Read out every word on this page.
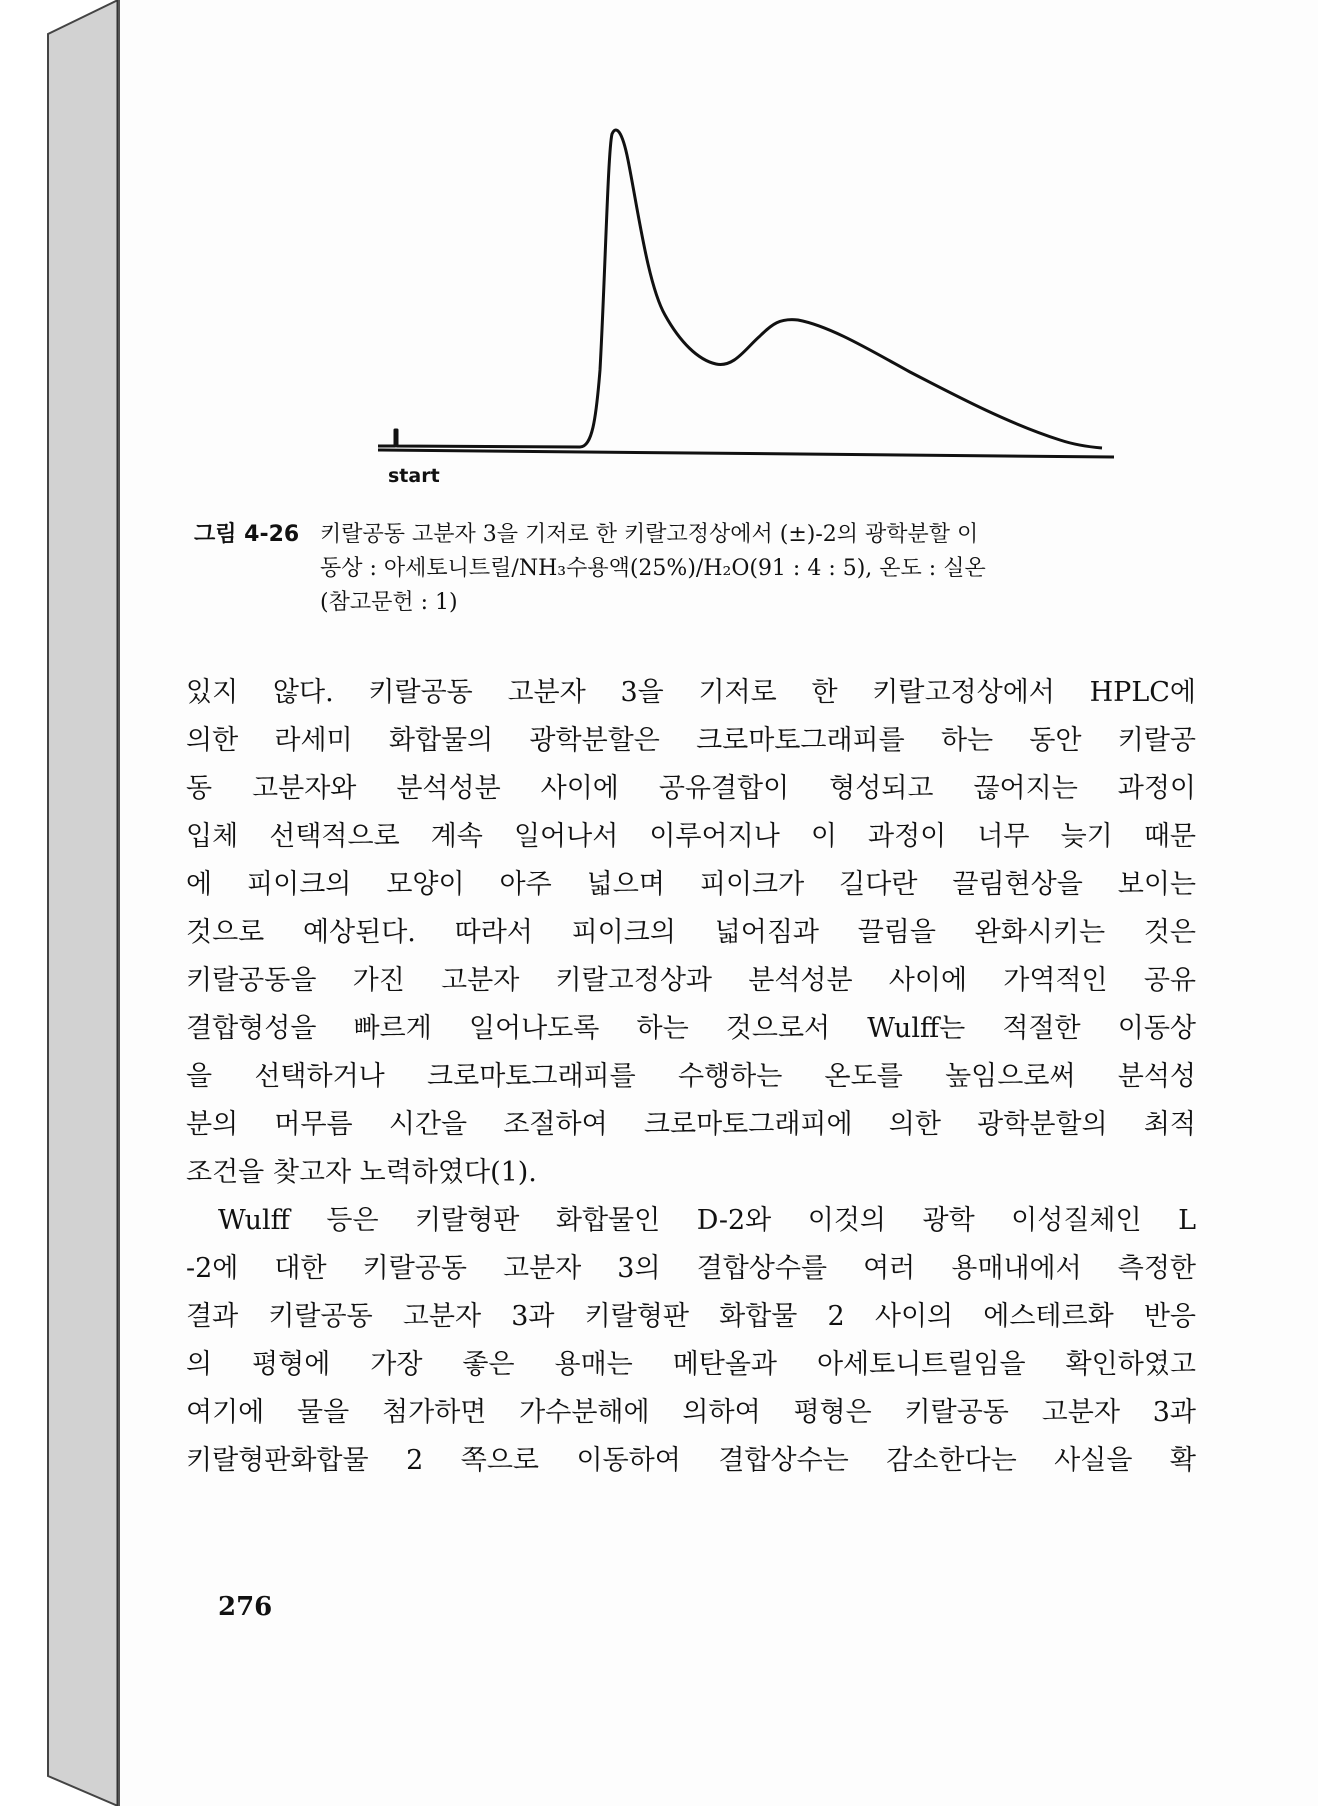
start
그림 4-26 키랄공동 고분자 3을 기저로 한 키랄고정상에서 (±)-2의 광학분할 이
동상 : 아세토니트릴/NH₃수용액(25%)/H₂O(91 : 4 : 5), 온도 : 실온
(참고문헌 : 1)
있지 않다. 키랄공동 고분자 3을 기저로 한 키랄고정상에서 HPLC에
의한 라세미 화합물의 광학분할은 크로마토그래피를 하는 동안 키랄공
동 고분자와 분석성분 사이에 공유결합이 형성되고 끊어지는 과정이
입체 선택적으로 계속 일어나서 이루어지나 이 과정이 너무 늦기 때문
에 피이크의 모양이 아주 넓으며 피이크가 길다란 끌림현상을 보이는
것으로 예상된다. 따라서 피이크의 넓어짐과 끌림을 완화시키는 것은
키랄공동을 가진 고분자 키랄고정상과 분석성분 사이에 가역적인 공유
결합형성을 빠르게 일어나도록 하는 것으로서 Wulff는 적절한 이동상
을 선택하거나 크로마토그래피를 수행하는 온도를 높임으로써 분석성
분의 머무름 시간을 조절하여 크로마토그래피에 의한 광학분할의 최적
조건을 찾고자 노력하였다(1).
Wulff 등은 키랄형판 화합물인 D-2와 이것의 광학 이성질체인 L
-2에 대한 키랄공동 고분자 3의 결합상수를 여러 용매내에서 측정한
결과 키랄공동 고분자 3과 키랄형판 화합물 2 사이의 에스테르화 반응
의 평형에 가장 좋은 용매는 메탄올과 아세토니트릴임을 확인하였고
여기에 물을 첨가하면 가수분해에 의하여 평형은 키랄공동 고분자 3과
키랄형판화합물 2 쪽으로 이동하여 결합상수는 감소한다는 사실을 확
276
